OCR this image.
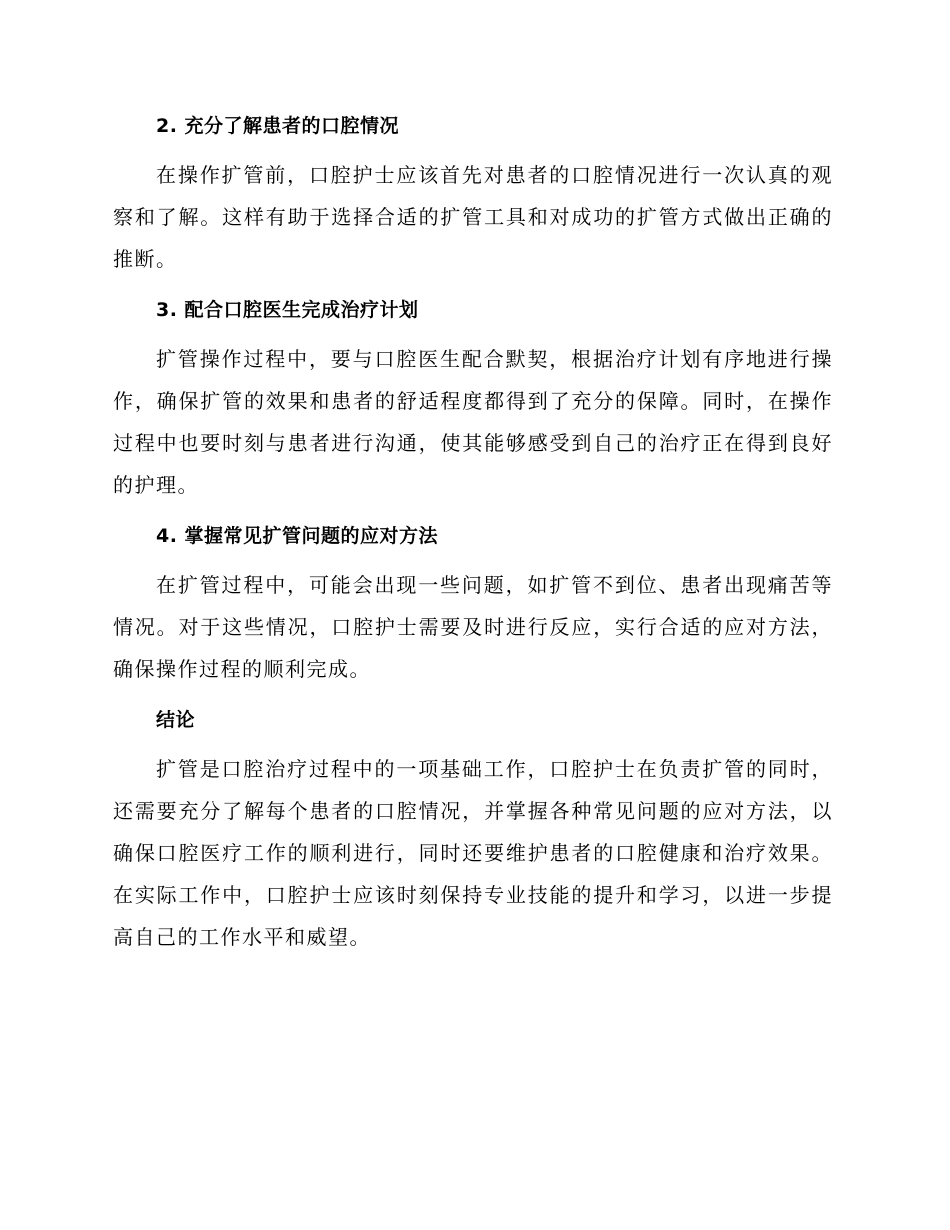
2. 充分了解患者的口腔情况

在操作扩管前，口腔护士应该首先对患者的口腔情况进行一次认真的观察和了解。这样有助于选择合适的扩管工具和对成功的扩管方式做出正确的推断。

3. 配合口腔医生完成治疗计划

扩管操作过程中，要与口腔医生配合默契，根据治疗计划有序地进行操作，确保扩管的效果和患者的舒适程度都得到了充分的保障。同时，在操作过程中也要时刻与患者进行沟通，使其能够感受到自己的治疗正在得到良好的护理。

4. 掌握常见扩管问题的应对方法

在扩管过程中，可能会出现一些问题，如扩管不到位、患者出现痛苦等情况。对于这些情况，口腔护士需要及时进行反应，实行合适的应对方法，确保操作过程的顺利完成。

结论

扩管是口腔治疗过程中的一项基础工作，口腔护士在负责扩管的同时，还需要充分了解每个患者的口腔情况，并掌握各种常见问题的应对方法，以确保口腔医疗工作的顺利进行，同时还要维护患者的口腔健康和治疗效果。在实际工作中，口腔护士应该时刻保持专业技能的提升和学习，以进一步提高自己的工作水平和威望。
